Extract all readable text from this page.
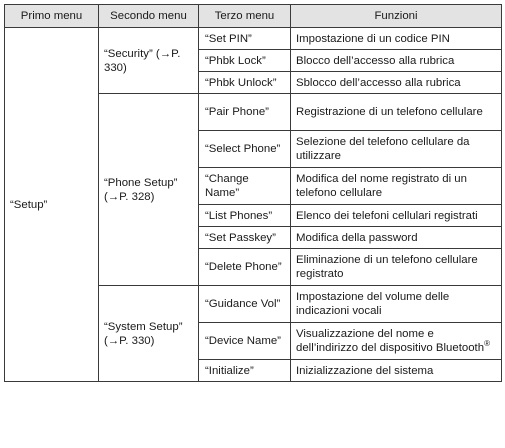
Primo menu	Secondo menu	Terzo menu	Funzioni
“Setup”	“Security” (→P. 330)	“Set PIN”	Impostazione di un codice PIN
		“Phbk Lock”	Blocco dell’accesso alla rubrica
		“Phbk Unlock”	Sblocco dell’accesso alla rubrica
	“Phone Setup” (→P. 328)	“Pair Phone”	Registrazione di un telefono cellulare
		“Select Phone”	Selezione del telefono cellulare da utilizzare
		“Change Name”	Modifica del nome registrato di un telefono cellulare
		“List Phones”	Elenco dei telefoni cellulari registrati
		“Set Passkey”	Modifica della password
		“Delete Phone”	Eliminazione di un telefono cellulare registrato
	“System Setup” (→P. 330)	“Guidance Vol”	Impostazione del volume delle indicazioni vocali
		“Device Name”	Visualizzazione del nome e dell’indirizzo del dispositivo Bluetooth®
		“Initialize”	Inizializzazione del sistema
